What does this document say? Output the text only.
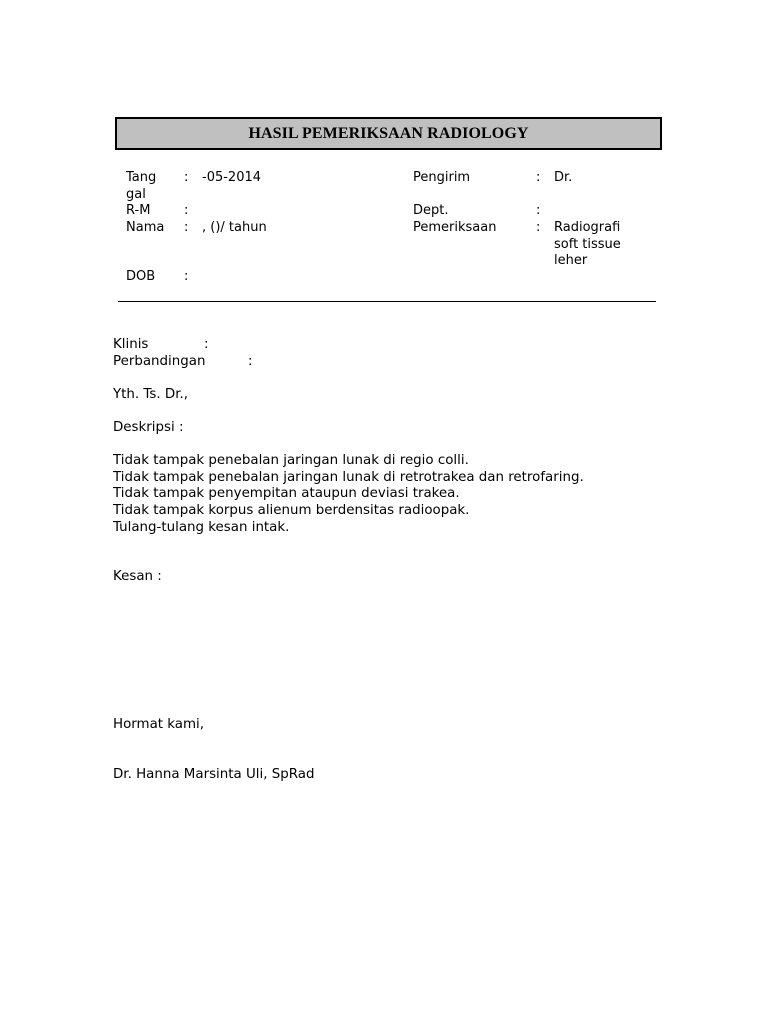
HASIL PEMERIKSAAN RADIOLOGY
Tang
gal
R-M
Nama
DOB
:
:
:
:
-05-2014
, ()/ tahun
Pengirim
Dept.
Pemeriksaan
:
:
:
Dr.
Radiografi
soft tissue
leher
Klinis	:
Perbandingan	:
Yth. Ts. Dr.,
Deskripsi :
Tidak tampak penebalan jaringan lunak di regio colli.
Tidak tampak penebalan jaringan lunak di retrotrakea dan retrofaring.
Tidak tampak penyempitan ataupun deviasi trakea.
Tidak tampak korpus alienum berdensitas radioopak.
Tulang-tulang kesan intak.
Kesan :
Hormat kami,
Dr. Hanna Marsinta Uli, SpRad
